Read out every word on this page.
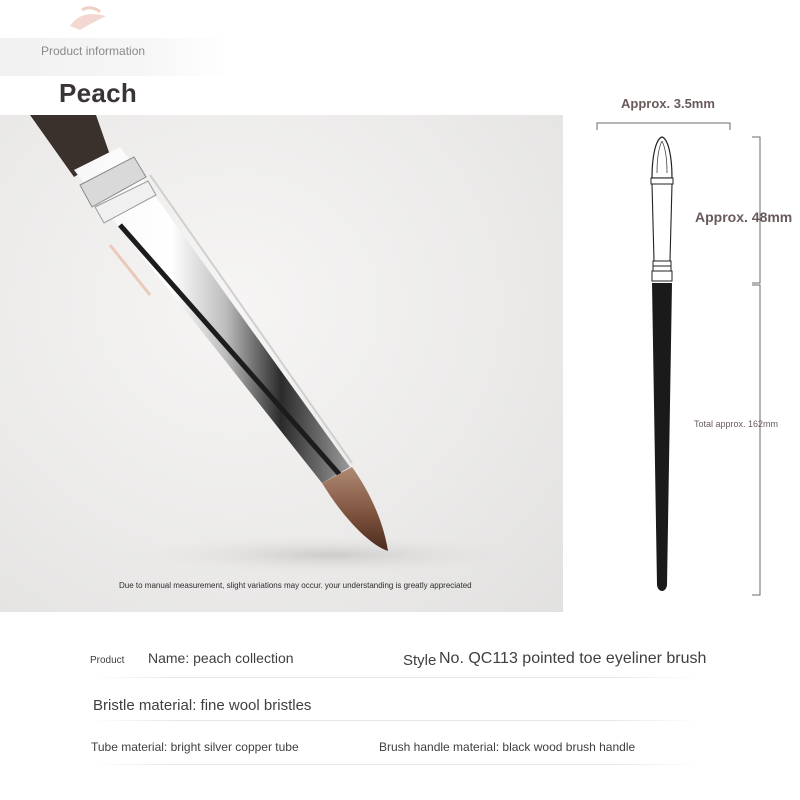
Product information
Peach
Due to manual measurement, slight variations may occur. your understanding is greatly appreciated
Approx. 3.5mm
Approx. 48mm
Total approx. 162mm
Product Name: peach collection	Style No. QC113 pointed toe eyeliner brush
Bristle material: fine wool bristles
Tube material: bright silver copper tube	Brush handle material: black wood brush handle
